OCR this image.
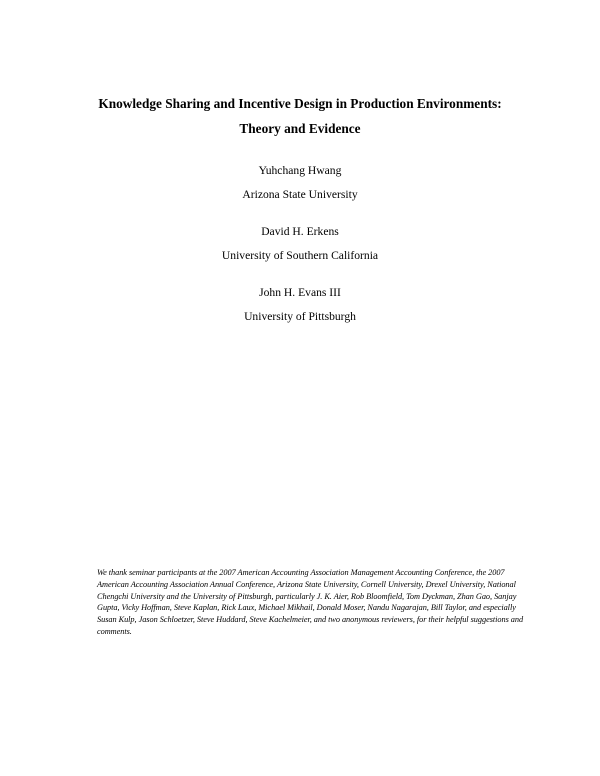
Knowledge Sharing and Incentive Design in Production Environments:
Theory and Evidence
Yuhchang Hwang
Arizona State University
David H. Erkens
University of Southern California
John H. Evans III
University of Pittsburgh
We thank seminar participants at the 2007 American Accounting Association Management Accounting Conference, the 2007 American Accounting Association Annual Conference, Arizona State University, Cornell University, Drexel University, National Chengchi University and the University of Pittsburgh, particularly J. K. Aier, Rob Bloomfield, Tom Dyckman, Zhan Gao, Sanjay Gupta, Vicky Hoffman, Steve Kaplan, Rick Laux, Michael Mikhail, Donald Moser, Nandu Nagarajan, Bill Taylor, and especially Susan Kulp, Jason Schloetzer, Steve Huddard, Steve Kachelmeier, and two anonymous reviewers, for their helpful suggestions and comments.
